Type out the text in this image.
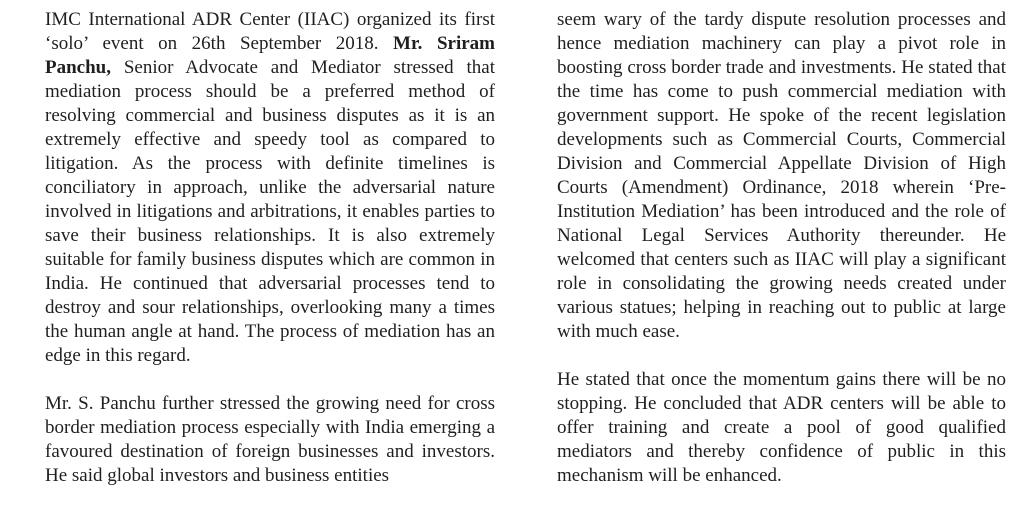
IMC International ADR Center (IIAC) organized its first ‘solo’ event on 26th September 2018. Mr. Sriram Panchu, Senior Advocate and Mediator stressed that mediation process should be a preferred method of resolving commercial and business disputes as it is an extremely effective and speedy tool as compared to litigation. As the process with definite timelines is conciliatory in approach, unlike the adversarial nature involved in litigations and arbitrations, it enables parties to save their business relationships. It is also extremely suitable for family business disputes which are common in India. He continued that adversarial processes tend to destroy and sour relationships, overlooking many a times the human angle at hand. The process of mediation has an edge in this regard.

Mr. S. Panchu further stressed the growing need for cross border mediation process especially with India emerging a favoured destination of foreign businesses and investors. He said global investors and business entities

seem wary of the tardy dispute resolution processes and hence mediation machinery can play a pivot role in boosting cross border trade and investments. He stated that the time has come to push commercial mediation with government support. He spoke of the recent legislation developments such as Commercial Courts, Commercial Division and Commercial Appellate Division of High Courts (Amendment) Ordinance, 2018 wherein ‘Pre-Institution Mediation’ has been introduced and the role of National Legal Services Authority thereunder. He welcomed that centers such as IIAC will play a significant role in consolidating the growing needs created under various statues; helping in reaching out to public at large with much ease.

He stated that once the momentum gains there will be no stopping. He concluded that ADR centers will be able to offer training and create a pool of good qualified mediators and thereby confidence of public in this mechanism will be enhanced.
